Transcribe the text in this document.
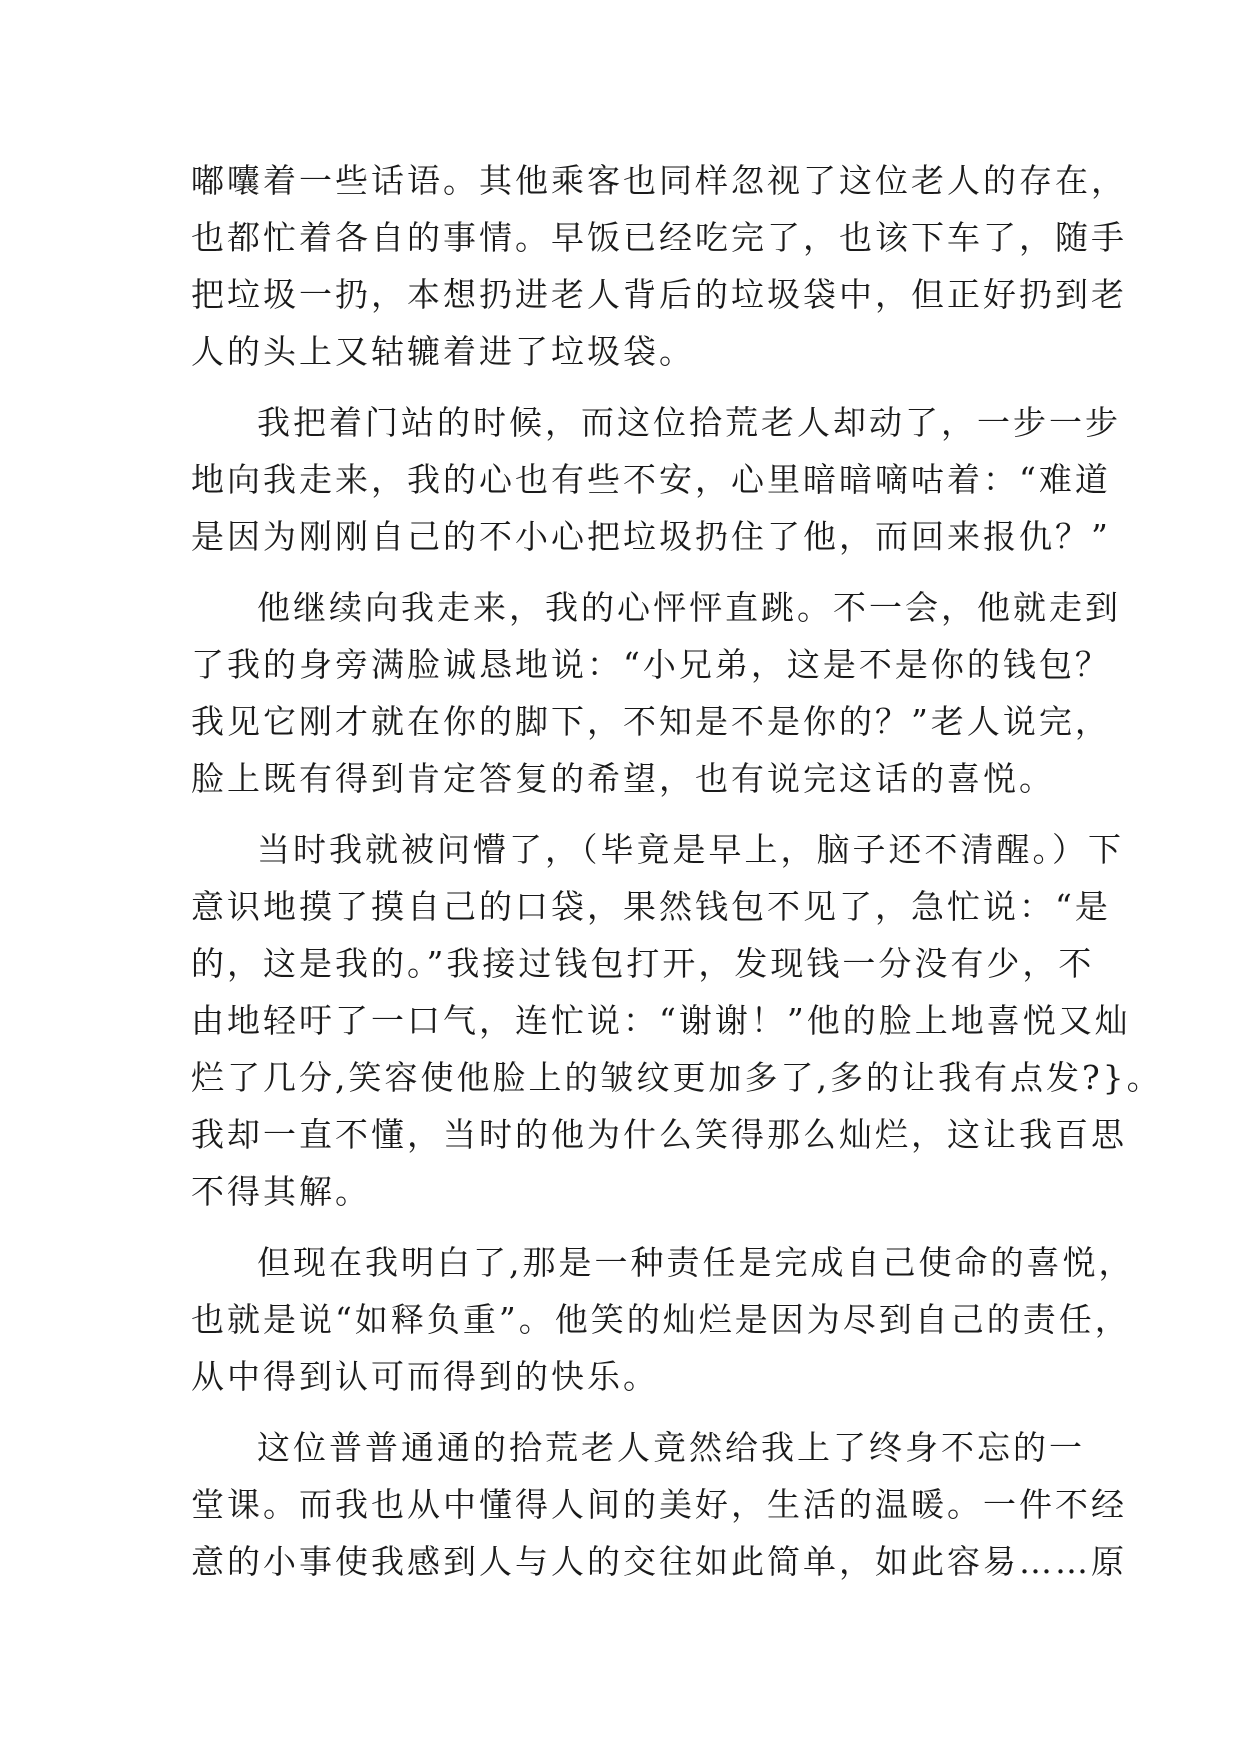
嘟囔着一些话语。其他乘客也同样忽视了这位老人的存在，
也都忙着各自的事情。早饭已经吃完了，也该下车了，随手
把垃圾一扔，本想扔进老人背后的垃圾袋中，但正好扔到老
人的头上又轱辘着进了垃圾袋。
我把着门站的时候，而这位拾荒老人却动了，一步一步
地向我走来，我的心也有些不安，心里暗暗嘀咕着：“难道
是因为刚刚自己的不小心把垃圾扔住了他，而回来报仇？”
他继续向我走来，我的心怦怦直跳。不一会，他就走到
了我的身旁满脸诚恳地说：“小兄弟，这是不是你的钱包？
我见它刚才就在你的脚下，不知是不是你的？”老人说完，
脸上既有得到肯定答复的希望，也有说完这话的喜悦。
当时我就被问懵了，（毕竟是早上，脑子还不清醒。）下
意识地摸了摸自己的口袋，果然钱包不见了，急忙说：“是
的，这是我的。”我接过钱包打开，发现钱一分没有少，不
由地轻吁了一口气，连忙说：“谢谢！”他的脸上地喜悦又灿
烂了几分,笑容使他脸上的皱纹更加多了,多的让我有点发?}。
我却一直不懂，当时的他为什么笑得那么灿烂，这让我百思
不得其解。
但现在我明白了,那是一种责任是完成自己使命的喜悦，
也就是说“如释负重”。他笑的灿烂是因为尽到自己的责任，
从中得到认可而得到的快乐。
这位普普通通的拾荒老人竟然给我上了终身不忘的一
堂课。而我也从中懂得人间的美好，生活的温暖。一件不经
意的小事使我感到人与人的交往如此简单，如此容易……原
